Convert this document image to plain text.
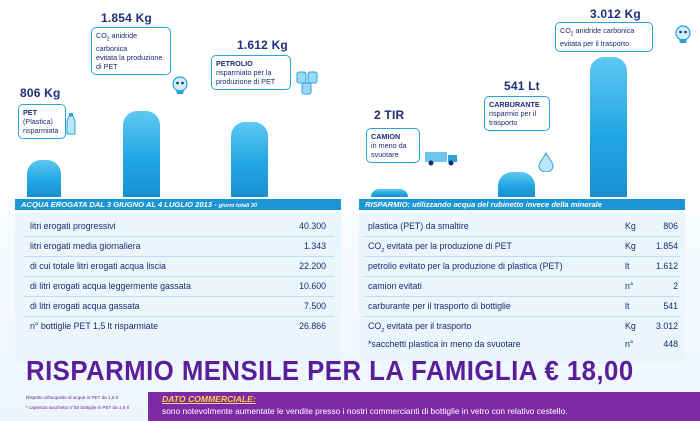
PET (Plastica)
risparmiata
$CO_2$ anidride carbonica
evitata la produzione
di PET	PETROLIO
risparmiato per la
produzione di PET
CAMION
in meno da
svuotare
CARBURANTE
risparmio per il
trasporto
$CO_2$ anidride carbonica
evitata per il trasporto
ACQUA EROGATA DAL 3 GIUGNO AL 4 LUGLIO 2013 - giorni totali 30	RISPARMIO: utilizzando acqua del rubinetto invece della minerale
litri erogati progressivi	40.300
litri erogati media giornaliera	1.343
di cui totale litri erogati acqua liscia	22.200
di litri erogati acqua leggermente gassata	10.600
di litri erogati acqua gassata	7.500
n° bottiglie PET 1,5 lt risparmiate	26.866
plastica (PET) da smaltire	Kg	806
$CO_2$ evitata per la produzione di PET	Kg 1.854
petrolio evitato per la produzione di plastica (PET)	lt	1.612
camion evitati	n°	2
carburante per il trasporto di bottiglie	lt	541
$CO_2$ evitata per il trasporto	Kg 3.012
*sacchetti plastica in meno da svuotare	n°	448
RISPARMIO MENSILE PER LA FAMIGLIA € 18,00
Rispetto all'acquisto di acqua in PET da 1,5 lt
* capienza sacchetto n°60 bottiglie in PET da 1,5 lt
DATO COMMERCIALE:
sono notevolmente aumentate le vendite presso i nostri commercianti di bottiglie in vetro con relativo cestello.
806 Kg
1.854 Kg
1.612 Kg
2 TIR
541 Lt
3.012 Kg
